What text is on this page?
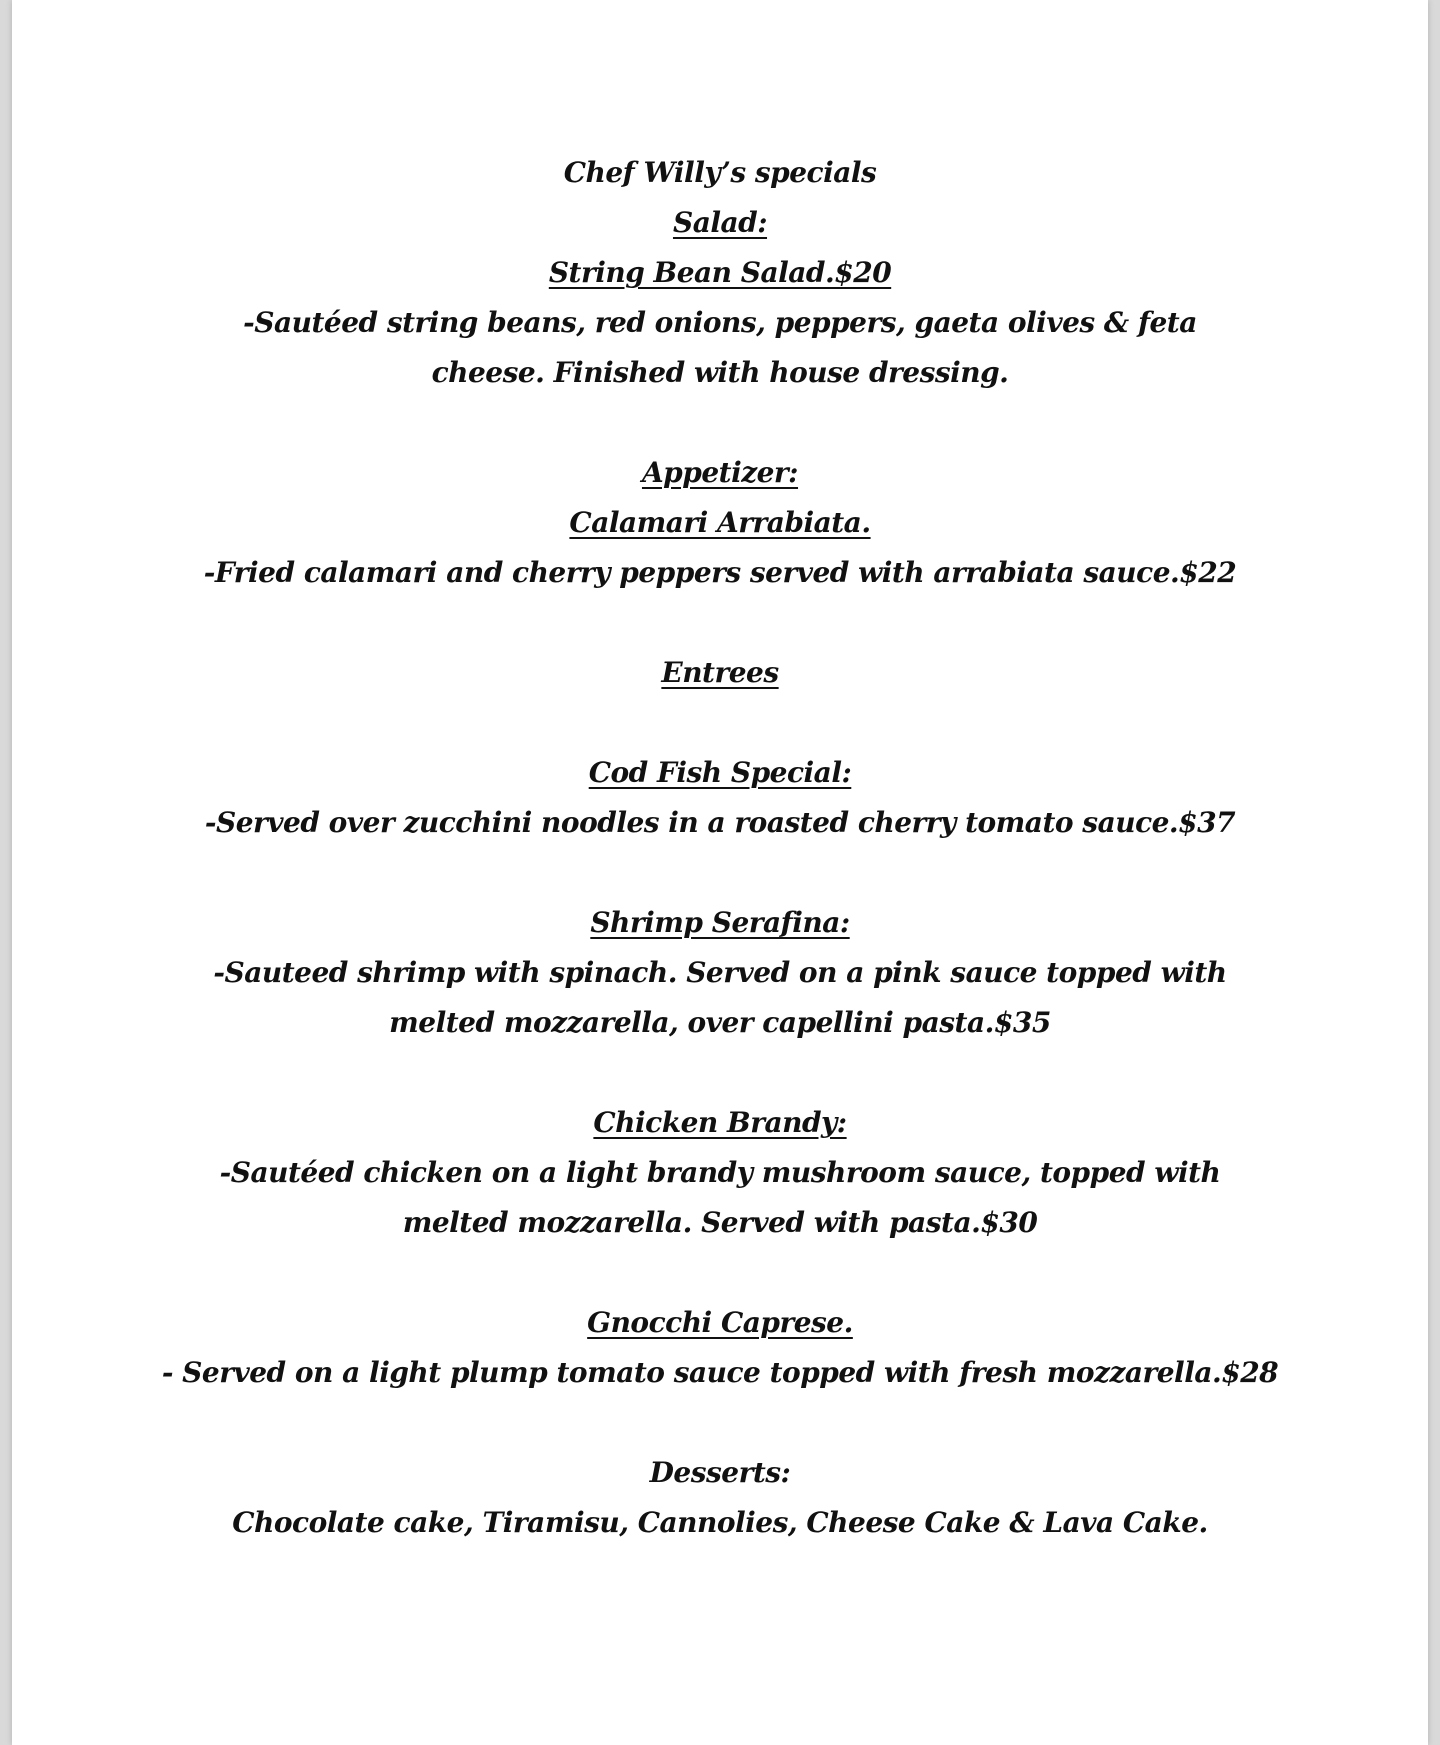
Chef Willy’s specials
Salad:
String Bean Salad.$20
-Sautéed string beans, red onions, peppers, gaeta olives & feta cheese. Finished with house dressing.
Appetizer:
Calamari Arrabiata.
-Fried calamari and cherry peppers served with arrabiata sauce.$22
Entrees
Cod Fish Special:
-Served over zucchini noodles in a roasted cherry tomato sauce.$37
Shrimp Serafina:
-Sauteed shrimp with spinach. Served on a pink sauce topped with melted mozzarella, over capellini pasta.$35
Chicken Brandy:
-Sautéed chicken on a light brandy mushroom sauce, topped with melted mozzarella. Served with pasta.$30
Gnocchi Caprese.
- Served on a light plump tomato sauce topped with fresh mozzarella.$28
Desserts:
Chocolate cake, Tiramisu, Cannolies, Cheese Cake & Lava Cake.
